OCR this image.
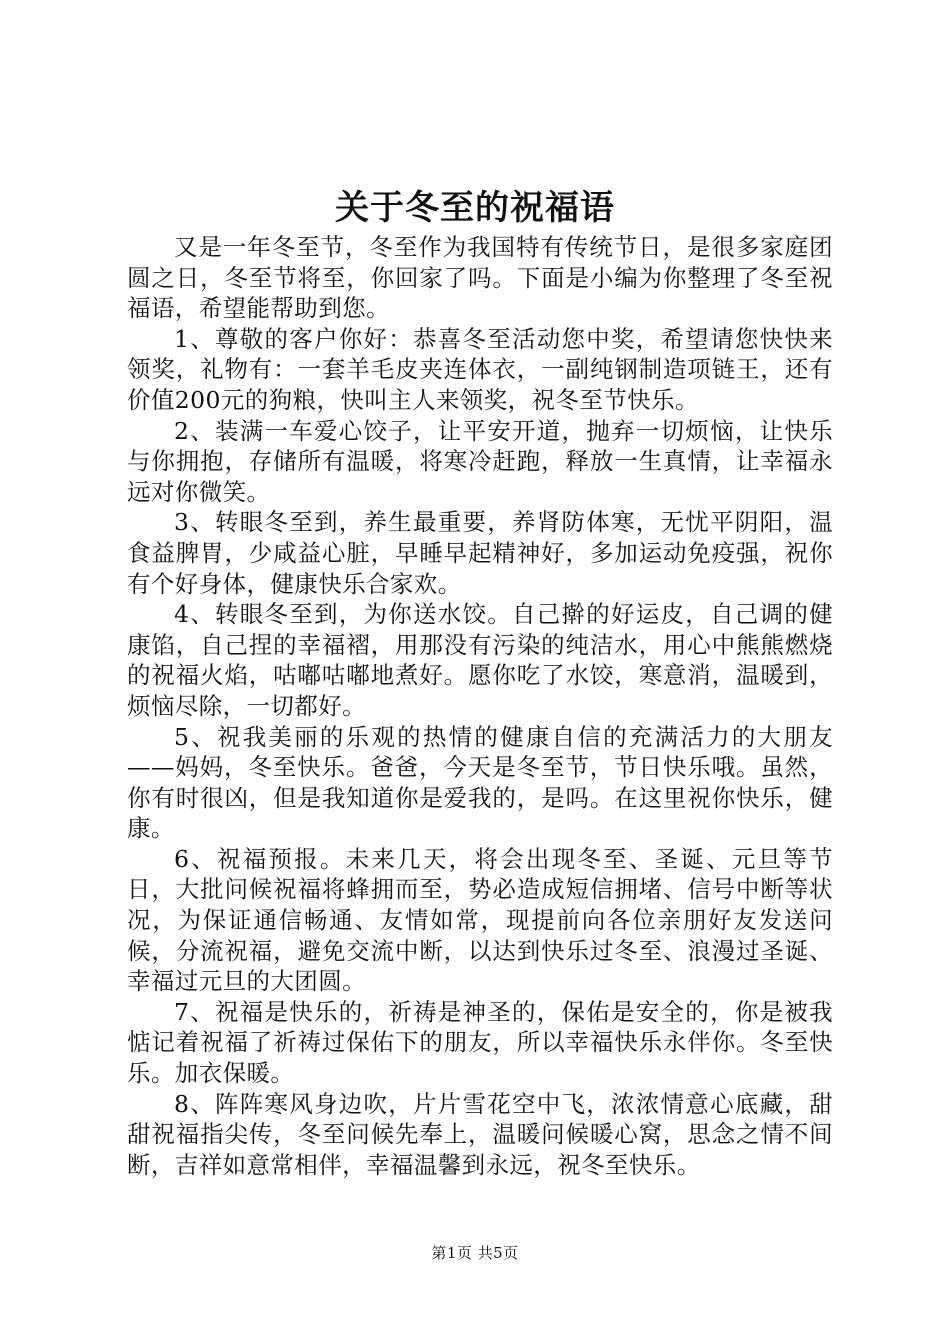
关于冬至的祝福语

又是一年冬至节，冬至作为我国特有传统节日，是很多家庭团圆之日，冬至节将至，你回家了吗。下面是小编为你整理了冬至祝福语，希望能帮助到您。

1、尊敬的客户你好：恭喜冬至活动您中奖，希望请您快快来领奖，礼物有：一套羊毛皮夹连体衣，一副纯钢制造项链王，还有价值200元的狗粮，快叫主人来领奖，祝冬至节快乐。

2、装满一车爱心饺子，让平安开道，抛弃一切烦恼，让快乐与你拥抱，存储所有温暖，将寒冷赶跑，释放一生真情，让幸福永远对你微笑。

3、转眼冬至到，养生最重要，养肾防体寒，无忧平阴阳，温食益脾胃，少咸益心脏，早睡早起精神好，多加运动免疫强，祝你有个好身体，健康快乐合家欢。

4、转眼冬至到，为你送水饺。自己擀的好运皮，自己调的健康馅，自己捏的幸福褶，用那没有污染的纯洁水，用心中熊熊燃烧的祝福火焰，咕嘟咕嘟地煮好。愿你吃了水饺，寒意消，温暖到，烦恼尽除，一切都好。

5、祝我美丽的乐观的热情的健康自信的充满活力的大朋友——妈妈，冬至快乐。爸爸，今天是冬至节，节日快乐哦。虽然，你有时很凶，但是我知道你是爱我的，是吗。在这里祝你快乐，健康。

6、祝福预报。未来几天，将会出现冬至、圣诞、元旦等节日，大批问候祝福将蜂拥而至，势必造成短信拥堵、信号中断等状况，为保证通信畅通、友情如常，现提前向各位亲朋好友发送问候，分流祝福，避免交流中断，以达到快乐过冬至、浪漫过圣诞、幸福过元旦的大团圆。

7、祝福是快乐的，祈祷是神圣的，保佑是安全的，你是被我惦记着祝福了祈祷过保佑下的朋友，所以幸福快乐永伴你。冬至快乐。加衣保暖。

8、阵阵寒风身边吹，片片雪花空中飞，浓浓情意心底藏，甜甜祝福指尖传，冬至问候先奉上，温暖问候暖心窝，思念之情不间断，吉祥如意常相伴，幸福温馨到永远，祝冬至快乐。

第1页 共5页
